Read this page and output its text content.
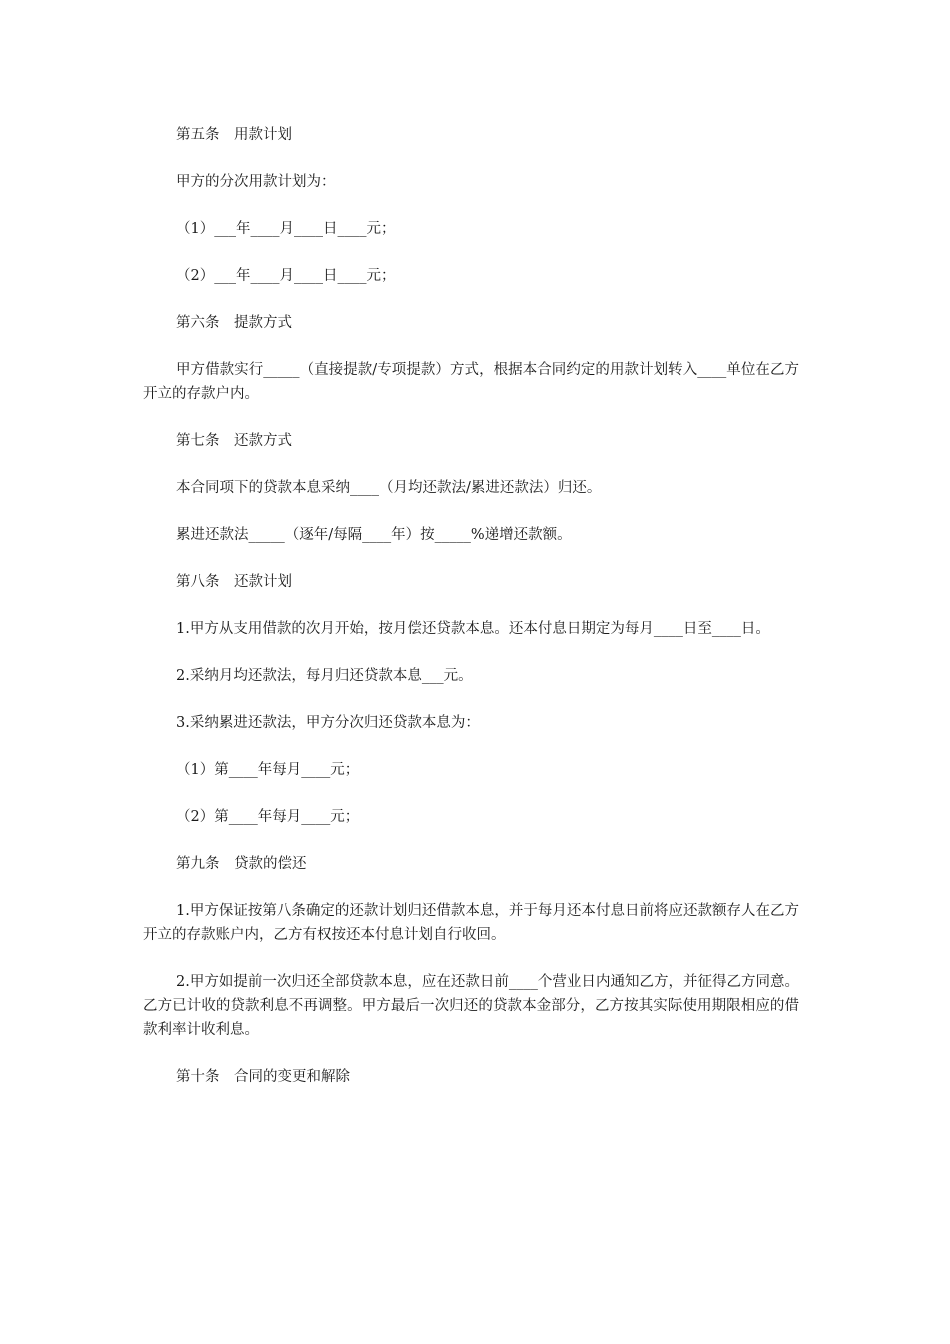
第五条　用款计划

甲方的分次用款计划为：

（1）___年____月____日____元；

（2）___年____月____日____元；

第六条　提款方式

甲方借款实行_____（直接提款/专项提款）方式，根据本合同约定的用款计划转入____单位在乙方开立的存款户内。

第七条　还款方式

本合同项下的贷款本息采纳____（月均还款法/累进还款法）归还。

累进还款法_____（逐年/每隔____年）按_____%递增还款额。

第八条　还款计划

1.甲方从支用借款的次月开始，按月偿还贷款本息。还本付息日期定为每月____日至____日。

2.采纳月均还款法，每月归还贷款本息___元。

3.采纳累进还款法，甲方分次归还贷款本息为：

（1）第____年每月____元；

（2）第____年每月____元；

第九条　贷款的偿还

1.甲方保证按第八条确定的还款计划归还借款本息，并于每月还本付息日前将应还款额存人在乙方开立的存款账户内，乙方有权按还本付息计划自行收回。

2.甲方如提前一次归还全部贷款本息，应在还款日前____个营业日内通知乙方，并征得乙方同意。乙方已计收的贷款利息不再调整。甲方最后一次归还的贷款本金部分，乙方按其实际使用期限相应的借款利率计收利息。

第十条　合同的变更和解除
